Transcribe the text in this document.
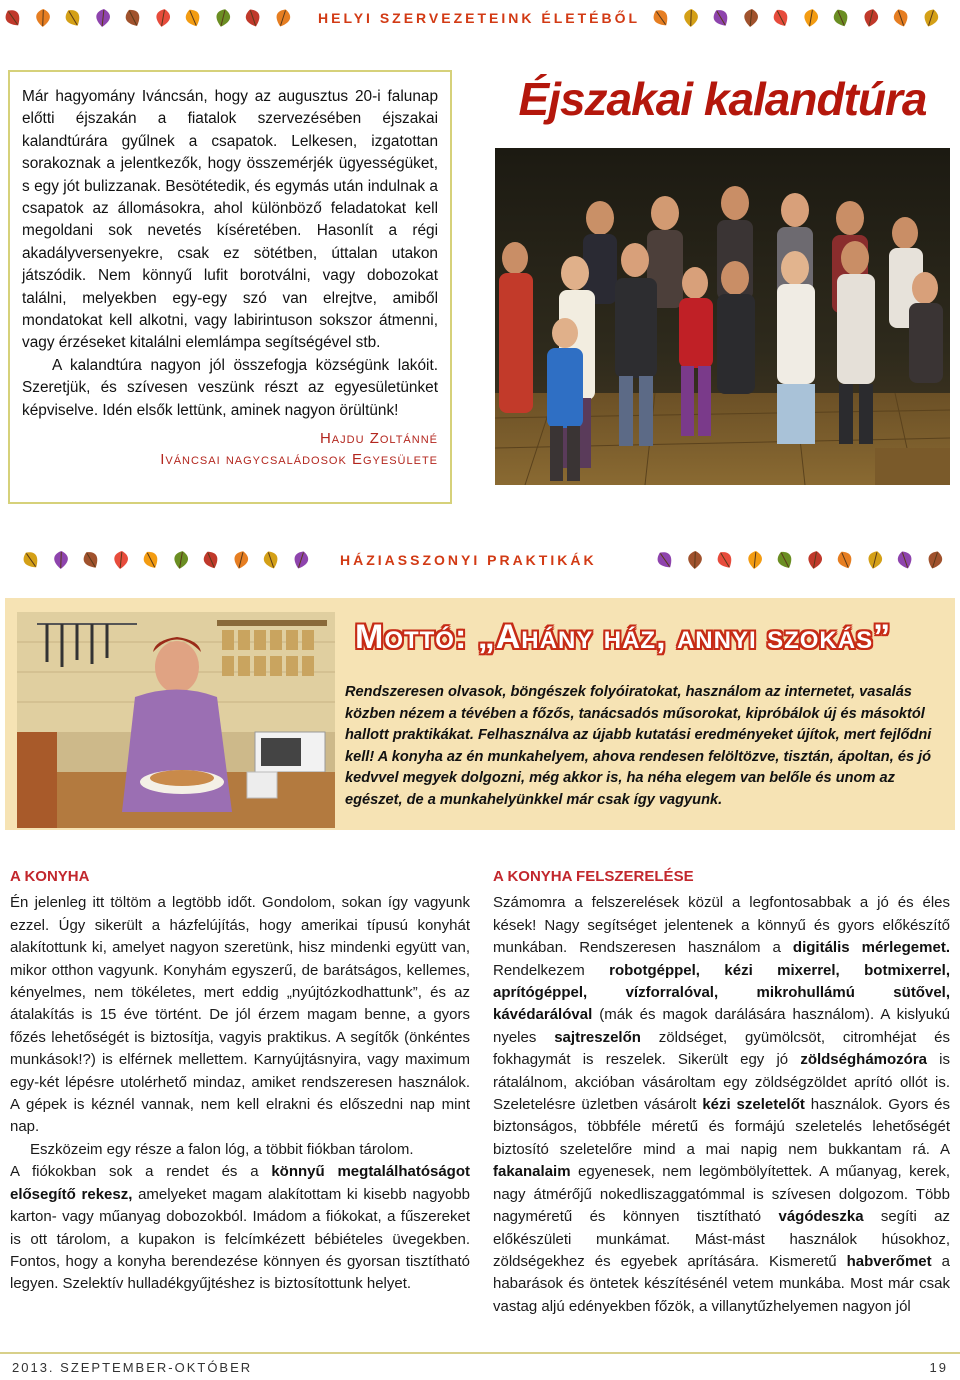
HELYI SZERVEZETEINK ÉLETÉBŐL

Már hagyomány Iváncsán, hogy az augusztus 20-i falunap előtti éjszakán a fiatalok szervezésében éjszakai kalandtúrára gyűlnek a csapatok. Lelkesen, izgatottan sorakoznak a jelentkezők, hogy összemérjék ügyességüket, s egy jót bulizzanak. Besötétedik, és egymás után indulnak a csapatok az állomásokra, ahol különböző feladatokat kell megoldani sok nevetés kíséretében. Hasonlít a régi akadályversenyekre, csak ez sötétben, úttalan utakon játszódik. Nem könnyű lufit borotválni, vagy dobozokat találni, melyekben egy-egy szó van elrejtve, amiből mondatokat kell alkotni, vagy labirintuson sokszor átmenni, vagy érzéseket kitalálni elemlámpa segítségével stb.

A kalandtúra nagyon jól összefogja községünk lakóit. Szeretjük, és szívesen veszünk részt az egyesületünket képviselve. Idén elsők lettünk, aminek nagyon örültünk!

Hajdu Zoltánné
Iváncsai nagycsaládosok Egyesülete
Éjszakai kalandtúra
HÁZIASSZONYI PRAKTIKÁK
Mottó: „Ahány ház, annyi szokás”
Rendszeresen olvasok, böngészek folyóiratokat, használom az internetet, vasalás közben nézem a tévében a főzős, tanácsadós műsorokat, kipróbálok új és másoktól hallott praktikákat. Felhasználva az újabb kutatási eredményeket újítok, mert fejlődni kell! A konyha az én munkahelyem, ahova rendesen felöltözve, tisztán, ápoltan, és jó kedvvel megyek dolgozni, még akkor is, ha néha elegem van belőle és unom az egészet, de a munkahelyünkkel már csak így vagyunk.
A KONYHA

Én jelenleg itt töltöm a legtöbb időt. Gondolom, sokan így vagyunk ezzel. Úgy sikerült a házfelújítás, hogy amerikai típusú konyhát alakítottunk ki, amelyet nagyon szeretünk, hisz mindenki együtt van, mikor otthon vagyunk. Konyhám egyszerű, de barátságos, kellemes, kényelmes, nem tökéletes, mert eddig „nyújtózkodhattunk”, és az átalakítás is 15 éve történt. De jól érzem magam benne, a gyors főzés lehetőségét is biztosítja, vagyis praktikus. A segítők (önkéntes munkások!?) is elférnek mellettem. Karnyújtásnyira, vagy maximum egy-két lépésre utolérhető mindaz, amiket rendszeresen használok. A gépek is kéznél vannak, nem kell elrakni és előszedni nap mint nap.

Eszközeim egy része a falon lóg, a többit fiókban tárolom.

A fiókokban sok a rendet és a könnyű megtalálhatóságot elősegítő rekesz, amelyeket magam alakítottam ki kisebb nagyobb karton- vagy műanyag dobozokból. Imádom a fiókokat, a fűszereket is ott tárolom, a kupakon is felcímkézett bébiételes üvegekben. Fontos, hogy a konyha berendezése könnyen és gyorsan tisztítható legyen. Szelektív hulladékgyűjtéshez is biztosítottunk helyet.

A KONYHA FELSZERELÉSE

Számomra a felszerelések közül a legfontosabbak a jó és éles kések! Nagy segítséget jelentenek a könnyű és gyors előkészítő munkában. Rendszeresen használom a digitális mérlegemet. Rendelkezem robotgéppel, kézi mixerrel, botmixerrel, aprítógéppel, vízforralóval, mikrohullámú sütővel, kávédarálóval (mák és magok darálására használom). A kislyukú nyeles sajtreszelőn zöldséget, gyümölcsöt, citromhéjat és fokhagymát is reszelek. Sikerült egy jó zöldséghámozóra is rátalálnom, akcióban vásároltam egy zöldségzöldet aprító ollót is. Szeletelésre üzletben vásárolt kézi szeletelőt használok. Gyors és biztonságos, többféle méretű és formájú szeletelés lehetőségét biztosító szeletelőre mind a mai napig nem bukkantam rá. A fakanalaim egyenesek, nem legömbölyítettek. A műanyag, kerek, nagy átmérőjű nokedliszaggatómmal is szívesen dolgozom. Több nagyméretű és könnyen tisztítható vágódeszka segíti az előkészületi munkámat. Mást-mást használok húsokhoz, zöldségekhez és egyebek aprítására. Kismeretű habverőmet a habarások és öntetek készítésénél vetem munkába. Most már csak vastag aljú edényekben főzök, a villanytűzhelyemen nagyon jól

2013. SZEPTEMBER-OKTÓBER	19
